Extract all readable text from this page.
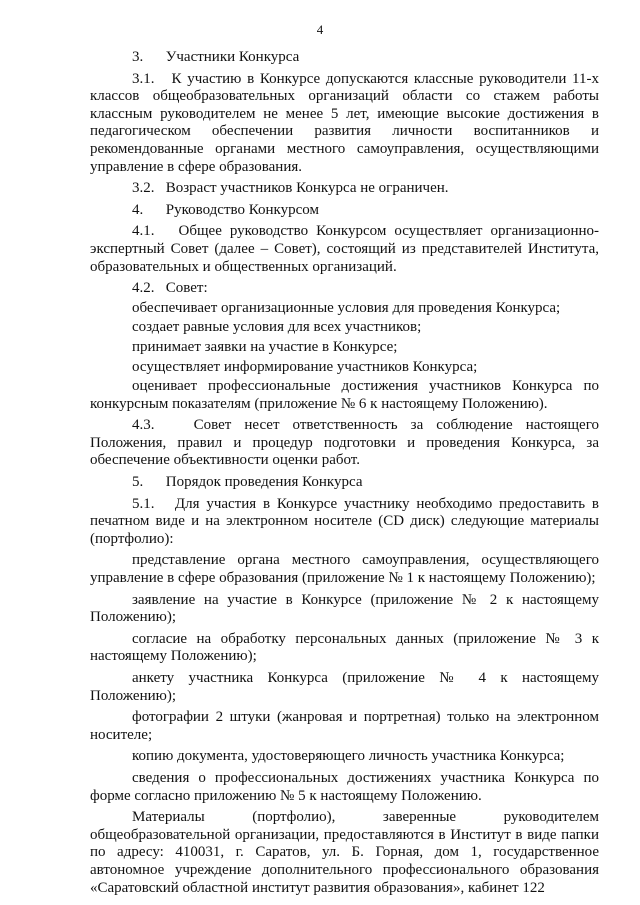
4

3.      Участники Конкурса

3.1.   К участию в Конкурсе допускаются классные руководители 11-х классов общеобразовательных организаций области со стажем работы классным руководителем не менее 5 лет, имеющие высокие достижения в педагогическом обеспечении развития личности воспитанников и рекомендованные органами местного самоуправления, осуществляющими управление в сфере образования.

3.2.   Возраст участников Конкурса не ограничен.

4.      Руководство Конкурсом

4.1.   Общее руководство Конкурсом осуществляет организационно-экспертный Совет (далее – Совет), состоящий из представителей Института, образовательных и общественных организаций.

4.2.   Совет:

обеспечивает организационные условия для проведения Конкурса;

создает равные условия для всех участников;

принимает заявки на участие в Конкурсе;

осуществляет информирование участников Конкурса;

оценивает профессиональные достижения участников Конкурса по конкурсным показателям (приложение № 6 к настоящему Положению).

4.3.   Совет несет ответственность за соблюдение настоящего Положения, правил и процедур подготовки и проведения Конкурса, за обеспечение объективности оценки работ.

5.      Порядок проведения Конкурса

5.1.   Для участия в Конкурсе участнику необходимо предоставить в печатном виде и на электронном носителе (CD диск) следующие материалы (портфолио):

представление органа местного самоуправления, осуществляющего управление в сфере образования (приложение № 1 к настоящему Положению);

заявление на участие в Конкурсе (приложение № 2 к настоящему Положению);

согласие на обработку персональных данных (приложение № 3 к настоящему Положению);

анкету участника Конкурса (приложение № 4 к настоящему Положению);

фотографии 2 штуки (жанровая и портретная) только на электронном носителе;

копию документа, удостоверяющего личность участника Конкурса;

сведения о профессиональных достижениях участника Конкурса по форме согласно приложению № 5 к настоящему Положению.

Материалы (портфолио), заверенные руководителем общеобразовательной организации, предоставляются в Институт в виде папки по адресу: 410031, г. Саратов, ул. Б. Горная, дом 1, государственное автономное учреждение дополнительного профессионального образования «Саратовский областной институт развития образования», кабинет 122
